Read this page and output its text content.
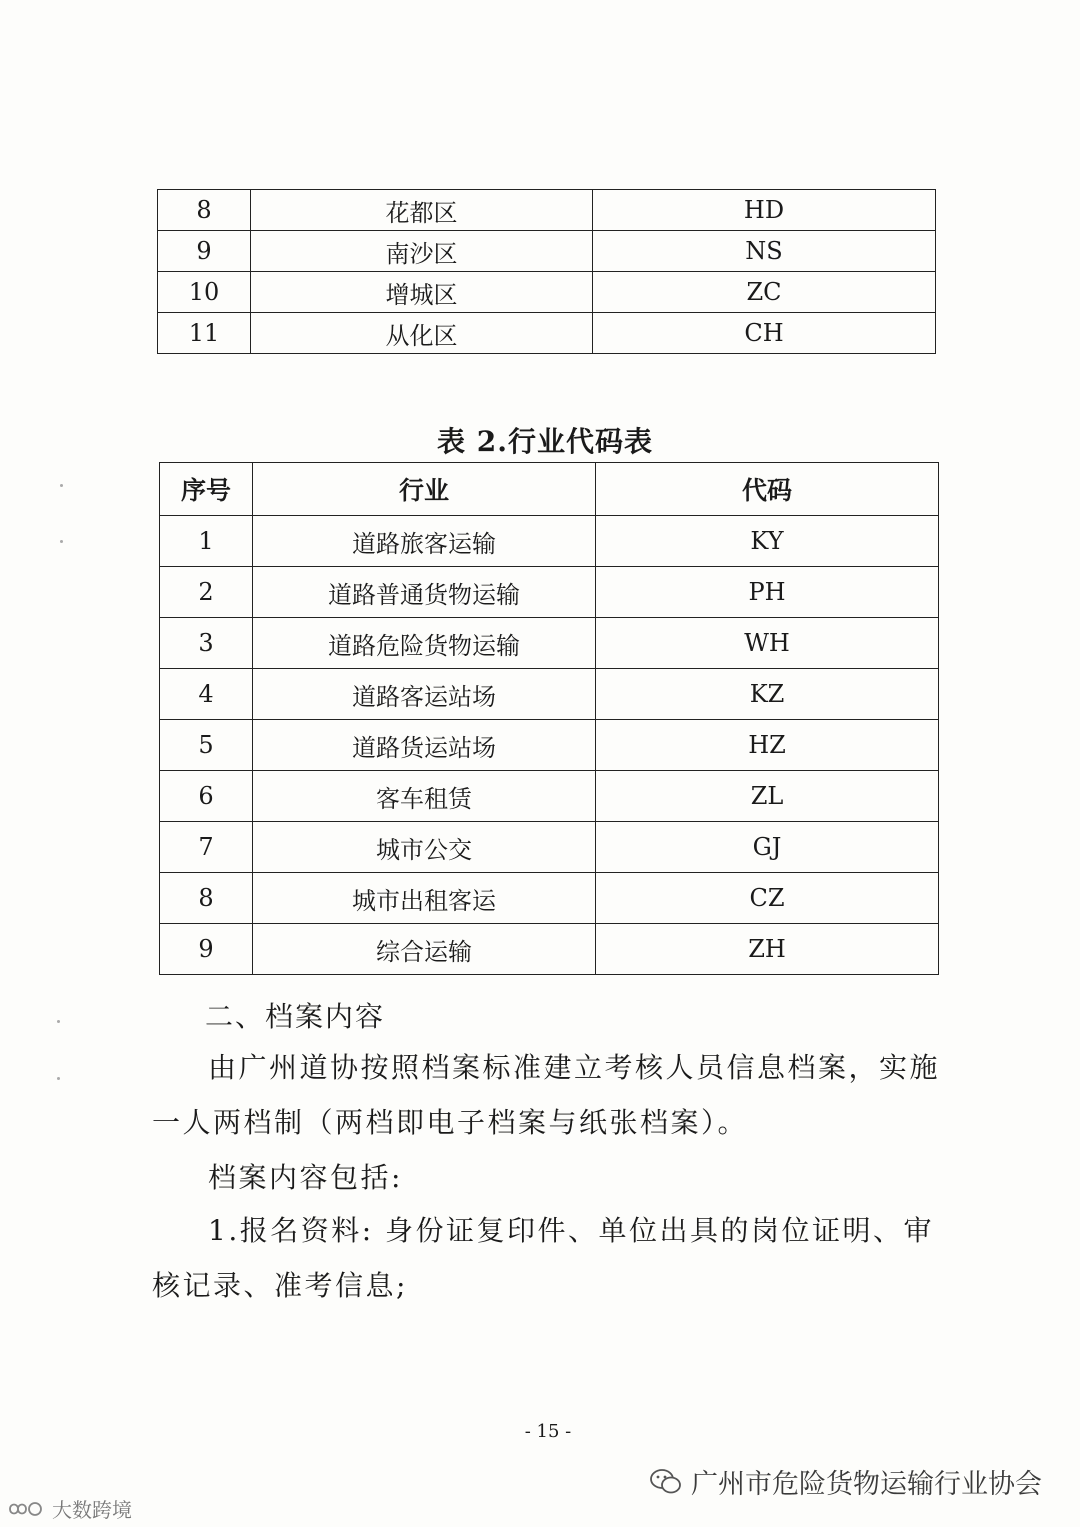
8	花都区	HD
9	南沙区	NS
10	增城区	ZC
11	从化区	CH
表 2.行业代码表
序号	行业	代码
1	道路旅客运输	KY
2	道路普通货物运输	PH
3	道路危险货物运输	WH
4	道路客运站场	KZ
5	道路货运站场	HZ
6	客车租赁	ZL
7	城市公交	GJ
8	城市出租客运	CZ
9	综合运输	ZH
二、档案内容

由广州道协按照档案标准建立考核人员信息档案，实施一人两档制（两档即电子档案与纸张档案）。

档案内容包括:

1.报名资料: 身份证复印件、单位出具的岗位证明、审核记录、准考信息;

- 15 -
广州市危险货物运输行业协会
大数跨境
